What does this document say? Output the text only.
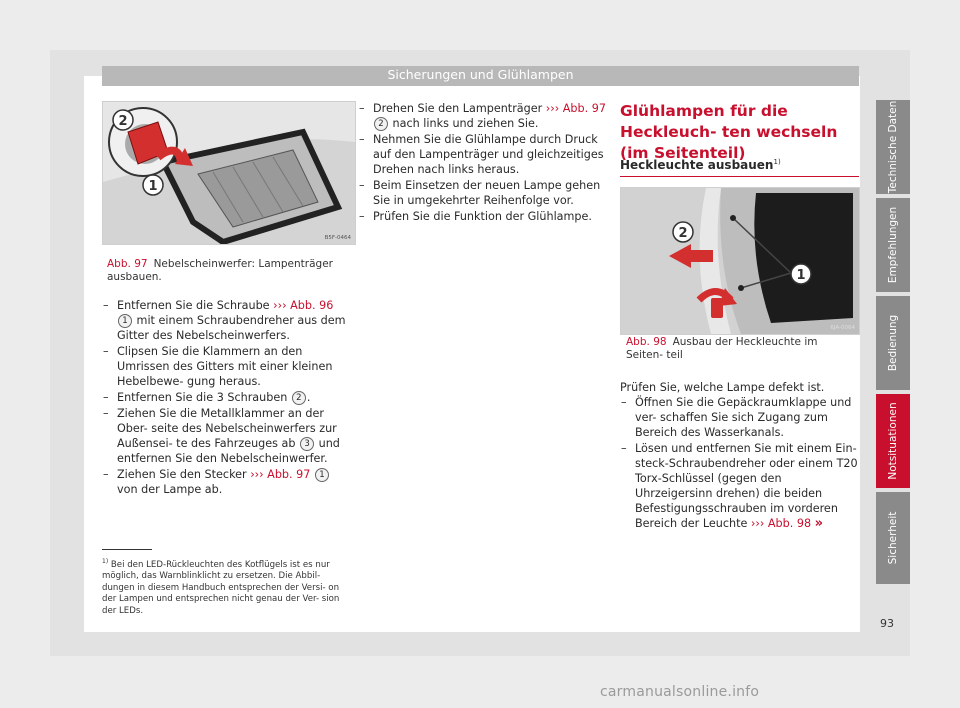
Sicherungen und Glühlampen
2
1
B5F-0464
Abb. 97 Nebelscheinwerfer: Lampenträger ausbauen.
– Entfernen Sie die Schraube ››› Abb. 96 1 mit einem Schraubendreher aus dem Gitter des Nebelscheinwerfers.
– Clipsen Sie die Klammern an den Umrissen des Gitters mit einer kleinen Hebelbewe- gung heraus.
– Entfernen Sie die 3 Schrauben 2 .
– Ziehen Sie die Metallklammer an der Ober- seite des Nebelscheinwerfers zur Außensei- te des Fahrzeuges ab 3 und entfernen Sie den Nebelscheinwerfer.
– Ziehen Sie den Stecker ››› Abb. 97 1 von der Lampe ab.
– Drehen Sie den Lampenträger ››› Abb. 97 2 nach links und ziehen Sie.
– Nehmen Sie die Glühlampe durch Druck auf den Lampenträger und gleichzeitiges Drehen nach links heraus.
– Beim Einsetzen der neuen Lampe gehen Sie in umgekehrter Reihenfolge vor.
– Prüfen Sie die Funktion der Glühlampe.
Glühlampen für die Heckleuch- ten wechseln (im Seitenteil)
Heckleuchte ausbauen$^{1)}$
2
1
6JA-0064
Abb. 98 Ausbau der Heckleuchte im Seiten- teil
Prüfen Sie, welche Lampe defekt ist.
– Öffnen Sie die Gepäckraumklappe und ver- schaffen Sie sich Zugang zum Bereich des Wasserkanals.
– Lösen und entfernen Sie mit einem Ein- steck-Schraubendreher oder einem T20 Torx-Schlüssel (gegen den Uhrzeigersinn drehen) die beiden Befestigungsschrauben im vorderen Bereich der Leuchte ››› Abb. 98 »
$^{1)}$ Bei den LED-Rückleuchten des Kotflügels ist es nur möglich, das Warnblinklicht zu ersetzen. Die Abbil- dungen in diesem Handbuch entsprechen der Versi- on der Lampen und entsprechen nicht genau der Ver- sion der LEDs.
Technische Daten
Empfehlungen
Bedienung
Notsituationen
Sicherheit
93
carmanualsonline.info
